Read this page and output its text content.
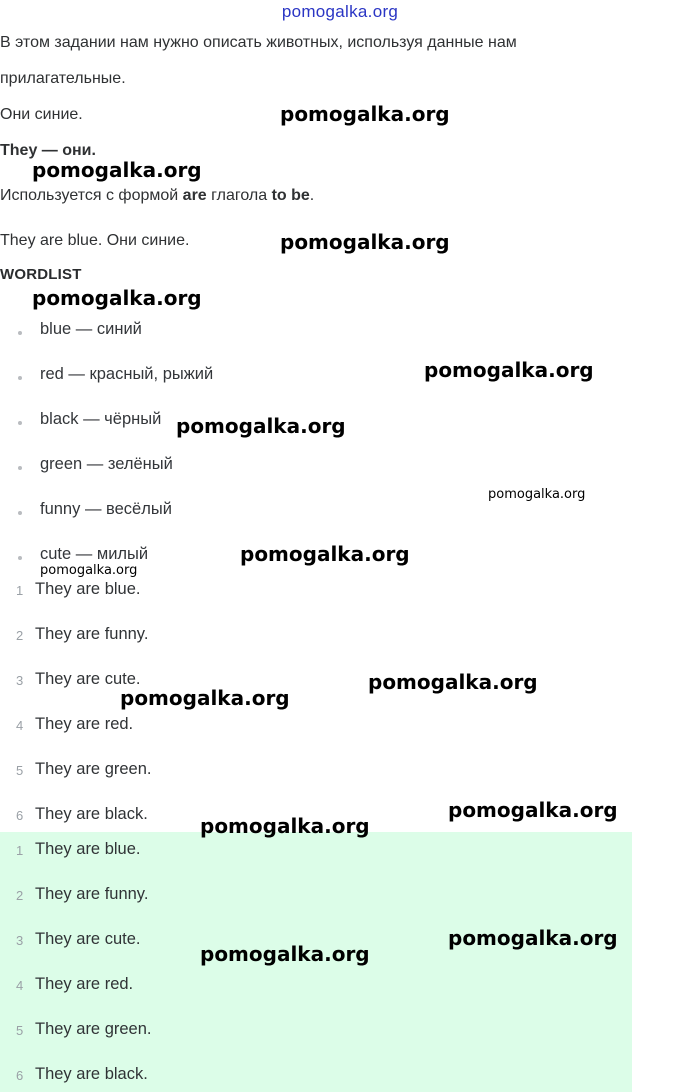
pomogalka.org
В этом задании нам нужно описать животных, используя данные нам
прилагательные.
Они синие.
They — они.
Используется с формой are глагола to be.
They are blue. Они синие.
WORDLIST
blue — синий
red — красный, рыжий
black — чёрный
green — зелёный
funny — весёлый
cute — милый
1 They are blue.
2 They are funny.
3 They are cute.
4 They are red.
5 They are green.
6 They are black.
1 They are blue.
2 They are funny.
3 They are cute.
4 They are red.
5 They are green.
6 They are black.
pomogalka.org
pomogalka.org
pomogalka.org
pomogalka.org
pomogalka.org
pomogalka.org
pomogalka.org
pomogalka.org
pomogalka.org
pomogalka.org
pomogalka.org
pomogalka.org
pomogalka.org
pomogalka.org
pomogalka.org
